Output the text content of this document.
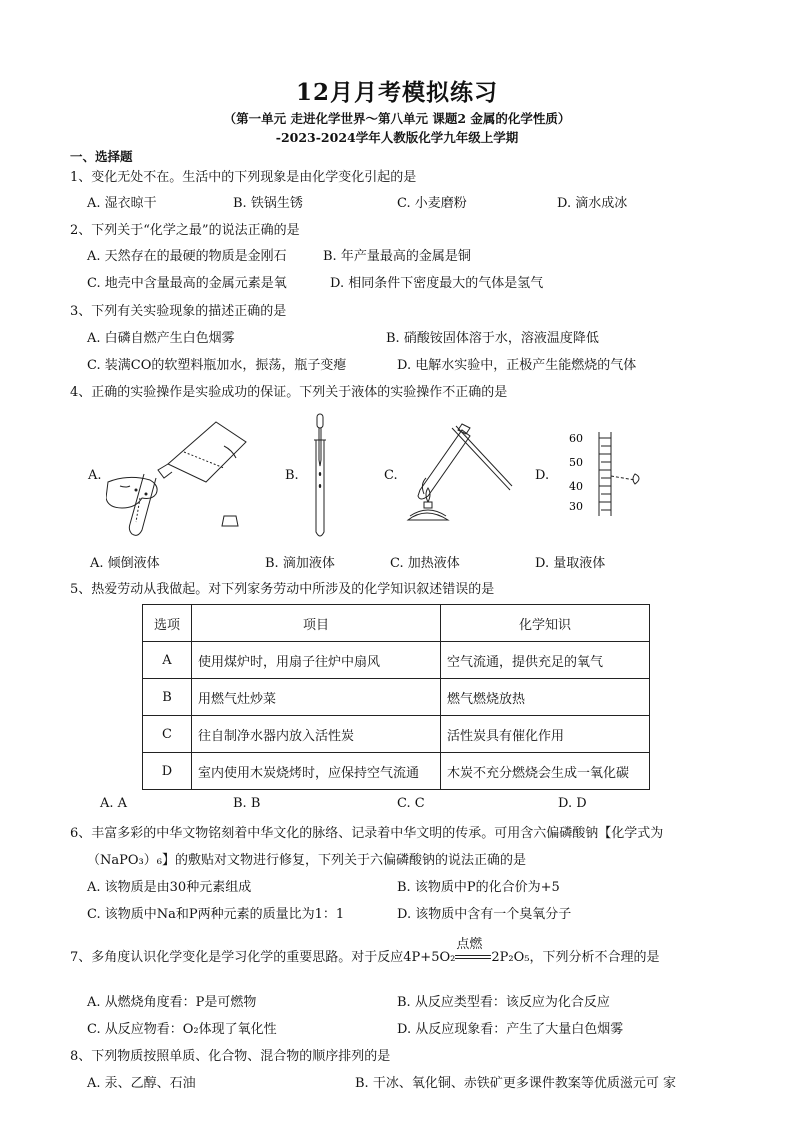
12月月考模拟练习
（第一单元 走进化学世界～第八单元 课题2 金属的化学性质）
-2023-2024学年人教版化学九年级上学期
一、选择题
1、变化无处不在。生活中的下列现象是由化学变化引起的是
A. 湿衣晾干	B. 铁锅生锈	C. 小麦磨粉	D. 滴水成冰
2、下列关于“化学之最”的说法正确的是
A. 天然存在的最硬的物质是金刚石	B. 年产量最高的金属是铜
C. 地壳中含量最高的金属元素是氧	D. 相同条件下密度最大的气体是氢气
3、下列有关实验现象的描述正确的是
A. 白磷自燃产生白色烟雾	B. 硝酸铵固体溶于水，溶液温度降低
C. 装满CO的软塑料瓶加水，振荡，瓶子变瘪	D. 电解水实验中，正极产生能燃烧的气体
4、正确的实验操作是实验成功的保证。下列关于液体的实验操作不正确的是
A.	B.	C.	D.
60
50
40
30
A. 倾倒液体	B. 滴加液体	C. 加热液体	D. 量取液体
5、热爱劳动从我做起。对下列家务劳动中所涉及的化学知识叙述错误的是
选项	项目	化学知识
A	使用煤炉时，用扇子往炉中扇风	空气流通，提供充足的氧气
B	用燃气灶炒菜	燃气燃烧放热
C	往自制净水器内放入活性炭	活性炭具有催化作用
D	室内使用木炭烧烤时，应保持空气流通	木炭不充分燃烧会生成一氧化碳
A. A	B. B	C. C	D. D
6、丰富多彩的中华文物铭刻着中华文化的脉络、记录着中华文明的传承。可用含六偏磷酸钠【化学式为
（NaPO₃）₆】的敷贴对文物进行修复，下列关于六偏磷酸钠的说法正确的是
A. 该物质是由30种元素组成	B. 该物质中P的化合价为+5
C. 该物质中Na和P两种元素的质量比为1：1	D. 该物质中含有一个臭氧分子
7、多角度认识化学变化是学习化学的重要思路。对于反应4P+5O₂
点燃
2P₂O₅，下列分析不合理的是
A. 从燃烧角度看：P是可燃物	B. 从反应类型看：该反应为化合反应
C. 从反应物看：O₂体现了氧化性	D. 从反应现象看：产生了大量白色烟雾
8、下列物质按照单质、化合物、混合物的顺序排列的是
A. 汞、乙醇、石油	B. 干冰、氧化铜、赤铁矿更多课件教案等优质滋元可 家
